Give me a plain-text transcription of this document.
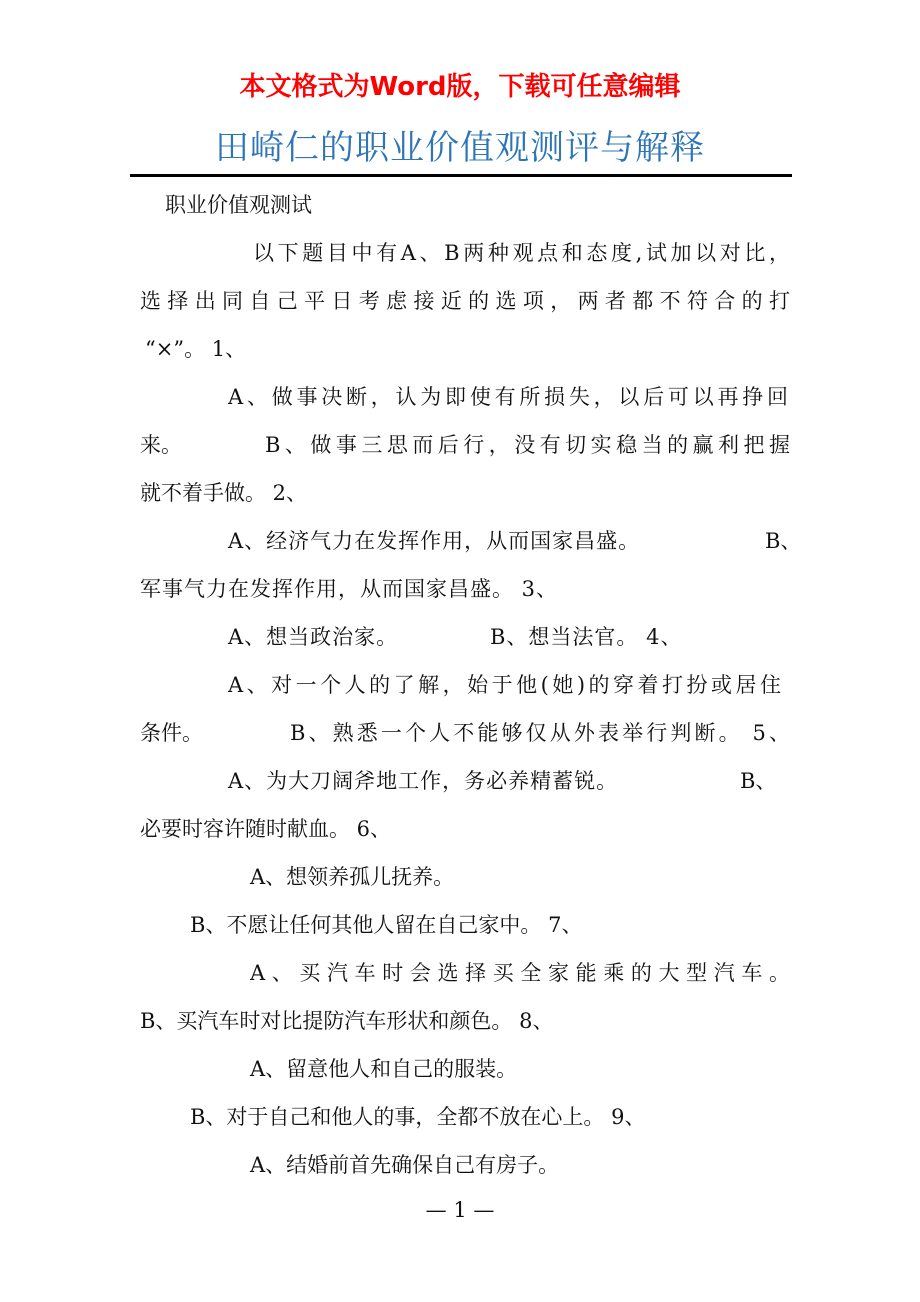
本文格式为Word版，下载可任意编辑
田崎仁的职业价值观测评与解释
职业价值观测试
以下题目中有A、B两种观点和态度,试加以对比，
选择出同自己平日考虑接近的选项，两者都不符合的打
“×”。 1、
A、做事决断，认为即使有所损失，以后可以再挣回
来。	B、做事三思而后行，没有切实稳当的赢利把握
就不着手做。 2、
A、经济气力在发挥作用，从而国家昌盛。	B、
军事气力在发挥作用，从而国家昌盛。 3、
A、想当政治家。	B、想当法官。 4、
A、对一个人的了解，始于他(她)的穿着打扮或居住
条件。	B、熟悉一个人不能够仅从外表举行判断。 5、
A、为大刀阔斧地工作，务必养精蓄锐。	B、
必要时容许随时献血。 6、
A、想领养孤儿抚养。
B、不愿让任何其他人留在自己家中。 7、
A、买汽车时会选择买全家能乘的大型汽车。
B、买汽车时对比提防汽车形状和颜色。 8、
A、留意他人和自己的服装。
B、对于自己和他人的事，全都不放在心上。 9、
A、结婚前首先确保自己有房子。
— 1 —
